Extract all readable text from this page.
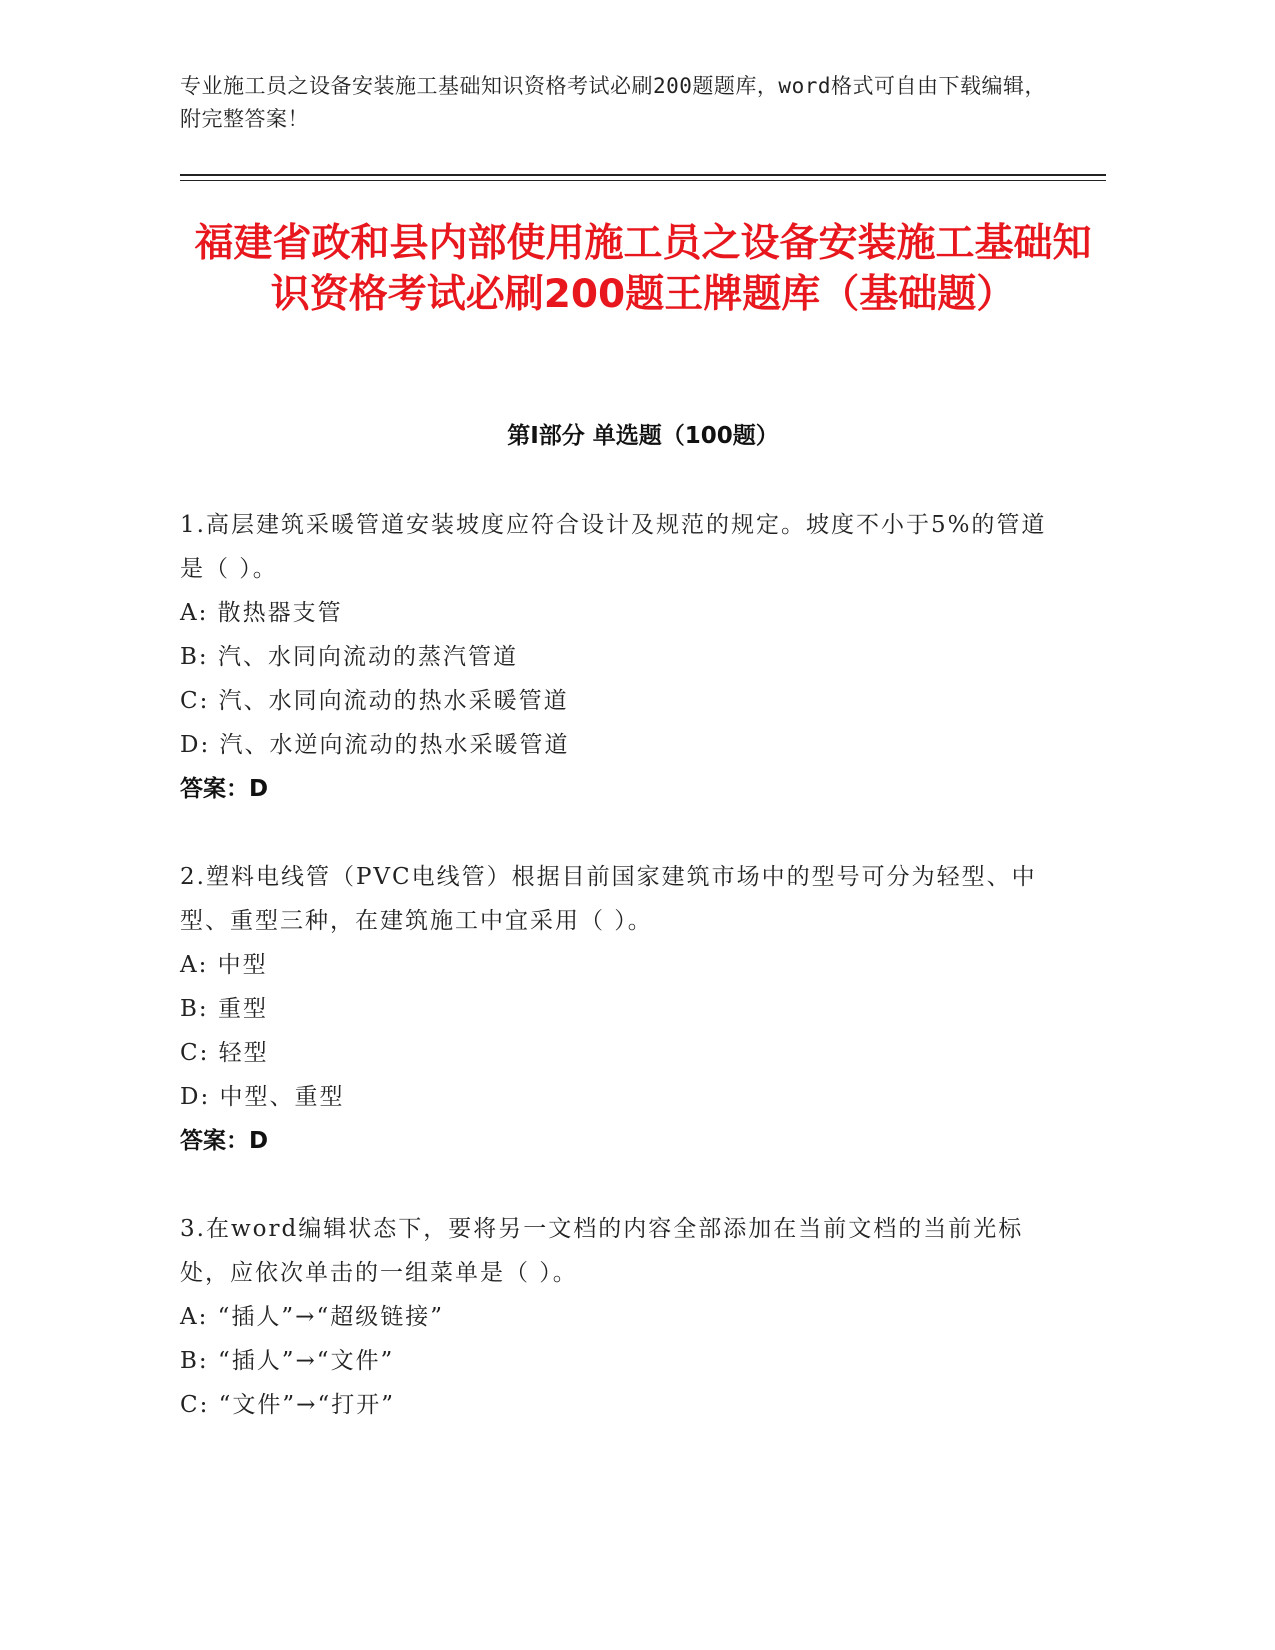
专业施工员之设备安装施工基础知识资格考试必刷200题题库，word格式可自由下载编辑，附完整答案！
福建省政和县内部使用施工员之设备安装施工基础知识资格考试必刷200题王牌题库（基础题）
第Ⅰ部分 单选题（100题）
1.高层建筑采暖管道安装坡度应符合设计及规范的规定。坡度不小于5%的管道是（ ）。
A: 散热器支管
B: 汽、水同向流动的蒸汽管道
C: 汽、水同向流动的热水采暖管道
D: 汽、水逆向流动的热水采暖管道
答案：D
2.塑料电线管（PVC电线管）根据目前国家建筑市场中的型号可分为轻型、中型、重型三种，在建筑施工中宜采用（ ）。
A: 中型
B: 重型
C: 轻型
D: 中型、重型
答案：D
3.在word编辑状态下，要将另一文档的内容全部添加在当前文档的当前光标处，应依次单击的一组菜单是（ ）。
A: “插人”→“超级链接”
B: “插人”→“文件”
C: “文件”→“打开”
